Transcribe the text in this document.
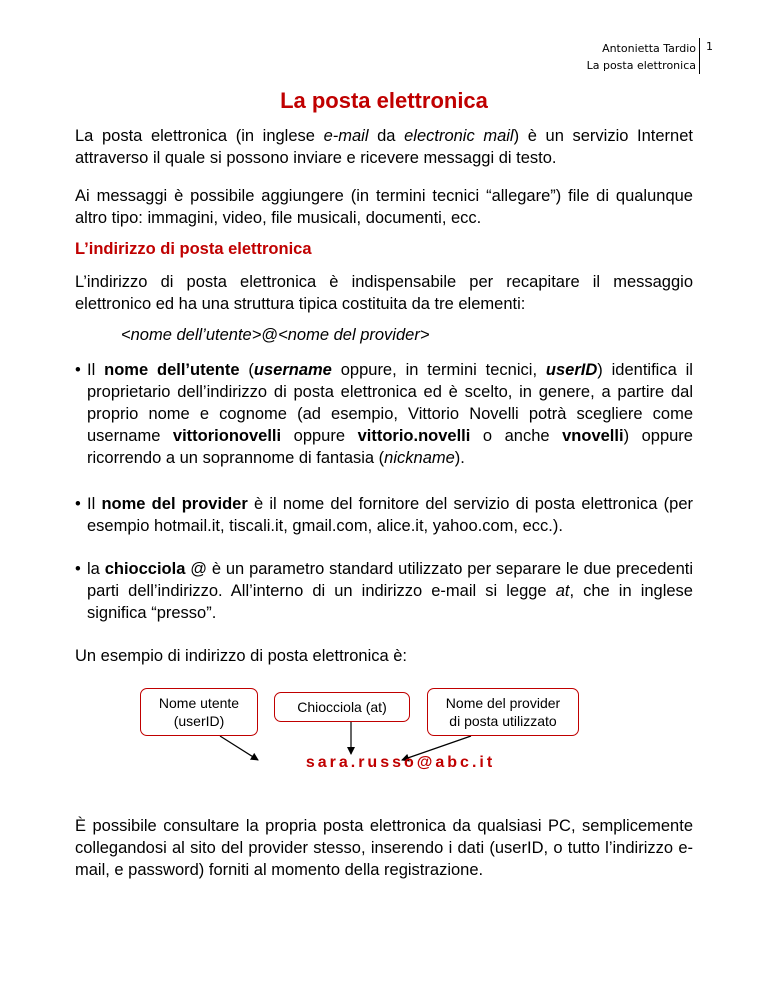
Antonietta Tardio
La posta elettronica
1
La posta elettronica
La posta elettronica (in inglese e-mail da electronic mail) è un servizio Internet attraverso il quale si possono inviare e ricevere messaggi di testo.
Ai messaggi è possibile aggiungere (in termini tecnici “allegare”) file di qualunque altro tipo: immagini, video, file musicali, documenti, ecc.
L’indirizzo di posta elettronica
L’indirizzo di posta elettronica è indispensabile per recapitare il messaggio elettronico ed ha una struttura tipica costituita da tre elementi:
<nome dell’utente>@<nome del provider>
• Il nome dell’utente (username oppure, in termini tecnici, userID) identifica il proprietario dell’indirizzo di posta elettronica ed è scelto, in genere, a partire dal proprio nome e cognome (ad esempio, Vittorio Novelli potrà scegliere come username vittorionovelli oppure vittorio.novelli o anche vnovelli) oppure ricorrendo a un soprannome di fantasia (nickname).
• Il nome del provider è il nome del fornitore del servizio di posta elettronica (per esempio hotmail.it, tiscali.it, gmail.com, alice.it, yahoo.com, ecc.).
• la chiocciola @ è un parametro standard utilizzato per separare le due precedenti parti dell’indirizzo. All’interno di un indirizzo e-mail si legge at, che in inglese significa “presso”.
Un esempio di indirizzo di posta elettronica è:
Nome utente
(userID)
Chiocciola (at)	Nome del provider
di posta utilizzato
sara.russo@abc.it
È possibile consultare la propria posta elettronica da qualsiasi PC, semplicemente collegandosi al sito del provider stesso, inserendo i dati (userID, o tutto l’indirizzo e- mail, e password) forniti al momento della registrazione.
